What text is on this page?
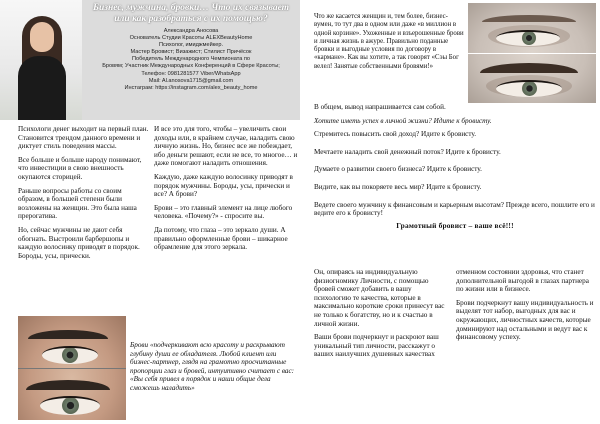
Бизнес, мужчина, бровки… Что их связывает или как разобраться с их помощью?

Александра Аносова

Основатель Студии Красоты ALEXBeautyHome

Психолог, имиджмейкер.

Мастер Бровист; Визажист; Стилист Причёсок

Победитель Международного Чемпионата по

Бровям; Участник Международных Конференций в Сфере Красоты;

Телефон: 0981281577 Viber/WhatsApp

Mail: Al.anosova1715@gmail.com

Инстаграм: https://instagram.com/alex_beauty_home

Психологи денег выходит на первый план. Становится трендом данного времени и диктует стиль поведения массы.

Все больше и больше народу понимают, что инвестиции в свою внешность окупаются сторицей.

Раньше вопросы работы со своим образом, в большей степени были возложены на женщин. Это была наша прерогатива.

Но, сейчас мужчины не дают себя обогнать. Выстроили барбершопы и каждую волосинку приводят в порядок. Бороды, усы, прически.

И все это для того, чтобы – увеличить свои доходы или, в крайнем случае, наладить свою личную жизнь. Но, бизнес все же побеждает, ибо деньги решают, если не все, то многое… и даже помогают наладить отношения.

Каждую, даже каждую волосинку приводят в порядок мужчины. Бороды, усы, прически и все? А брови?

Брови – это главный элемент на лице любого человека. «Почему?» - спросите вы.

Да потому, что глаза – это зеркало души. А правильно оформленные брови – шикарное обрамление для этого зеркала.

Брови «подчеркивают всю красоту и раскрывают глубину души ее обладателя. Любой клиент или бизнес-партнер, глядя на грамотно просчитанные пропорции глаз и бровей, интуитивно считает с вас: «Вы себя привел в порядок и наши общие дела сможешь наладить»

Что же касается женщин и, тем более, бизнес-вумен, то тут два в одном или даже «в миллион в одной корзине». Ухоженные и взъерошенные брови и личная жизнь в ажуре. Правильно поданные бровки и выгодные условия по договору в «кармане». Как вы хотите, а так говорят «Сэы Бог велел! Занятые собственными бровями!»

В общем, вывод напрашивается сам собой.

Хотите иметь успех в личной жизни? Идите к бровисту.

Стремитесь повысить свой доход? Идите к бровисту.

Мечтаете наладить свой денежный поток? Идите к бровисту.

Думаете о развитии своего бизнеса? Идите к бровисту.

Видите, как вы покоряете весь мир? Идите к бровисту.

Ведете своего мужчину к финансовым и карьерным высотам? Прежде всего, пошлите его и ведите его к бровисту!

Грамотный бровист – ваше всё!!!

Он, опираясь на индивидуальную физиогномику Личности, с помощью бровей сможет добавить в вашу психологию те качества, которые в максимально короткие сроки принесут вас не только к богатству, но и к счастью в личной жизни.

Ваши брови подчеркнут и раскроют ваш уникальный тип личности, расскажут о ваших наилучших душевных качествах

отменном состоянии здоровья, что станет дополнительной выгодой в глазах партнера по жизни или в бизнесе.

Брови подчеркнут вашу индивидуальность и выделят тот набор, выгодных для вас и окружающих, личностных качеств, которые доминируют над остальными и ведут вас к финансовому успеху.
